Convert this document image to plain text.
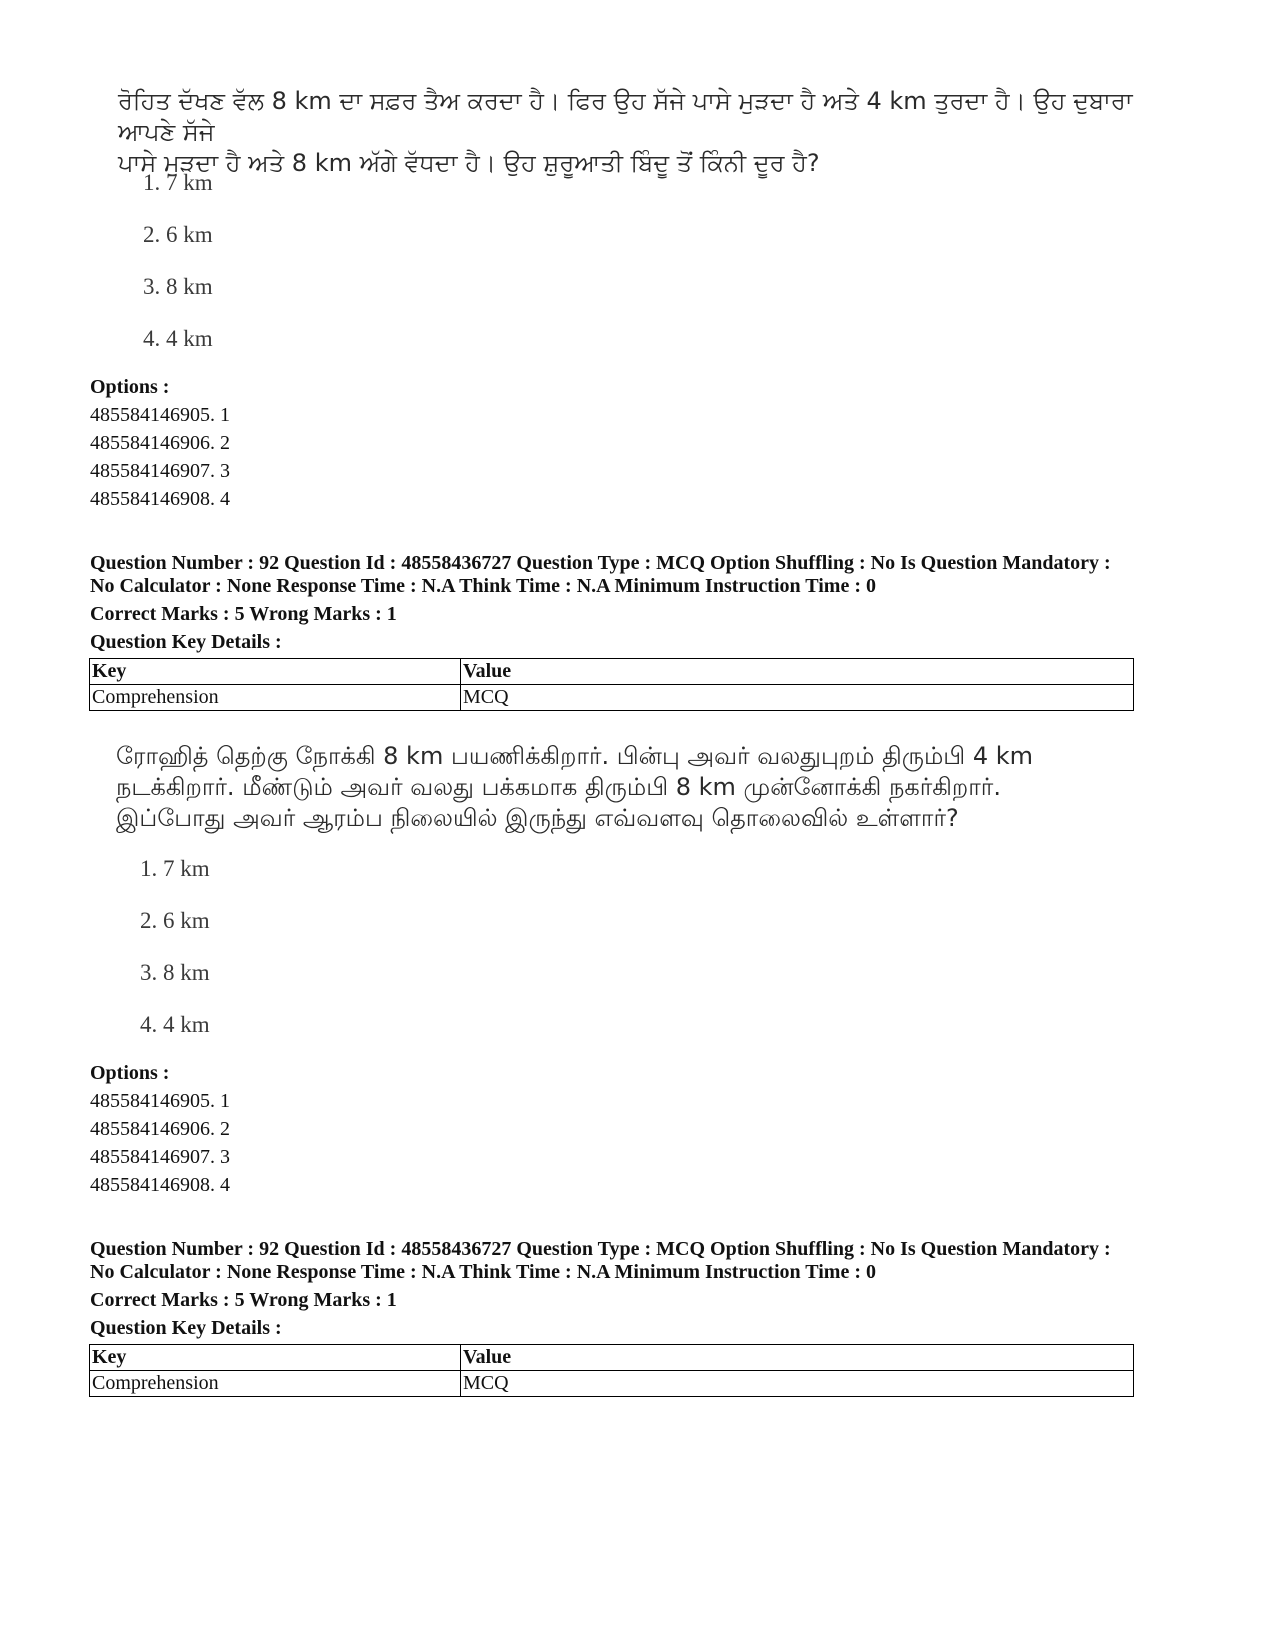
ਰੋਹਿਤ ਦੱਖਣ ਵੱਲ 8 km ਦਾ ਸਫ਼ਰ ਤੈਅ ਕਰਦਾ ਹੈ। ਫਿਰ ਉਹ ਸੱਜੇ ਪਾਸੇ ਮੁੜਦਾ ਹੈ ਅਤੇ 4 km ਤੁਰਦਾ ਹੈ। ਉਹ ਦੁਬਾਰਾ ਆਪਣੇ ਸੱਜੇ
ਪਾਸੇ ਮੁੜਦਾ ਹੈ ਅਤੇ 8 km ਅੱਗੇ ਵੱਧਦਾ ਹੈ। ਉਹ ਸ਼ੁਰੂਆਤੀ ਬਿੰਦੂ ਤੋਂ ਕਿੰਨੀ ਦੂਰ ਹੈ?
1. 7 km
2. 6 km
3. 8 km
4. 4 km
Options :
485584146905. 1
485584146906. 2
485584146907. 3
485584146908. 4
Question Number : 92 Question Id : 48558436727 Question Type : MCQ Option Shuffling : No Is Question Mandatory :
No Calculator : None Response Time : N.A Think Time : N.A Minimum Instruction Time : 0
Correct Marks : 5 Wrong Marks : 1
Question Key Details :
Key	Value
Comprehension	MCQ
ரோஹித் தெற்கு நோக்கி 8 km பயணிக்கிறார். பின்பு அவர் வலதுபுறம் திரும்பி 4 km
நடக்கிறார். மீண்டும் அவர் வலது பக்கமாக திரும்பி 8 km முன்னோக்கி நகர்கிறார்.
இப்போது அவர் ஆரம்ப நிலையில் இருந்து எவ்வளவு தொலைவில் உள்ளார்?
1. 7 km
2. 6 km
3. 8 km
4. 4 km
Options :
485584146905. 1
485584146906. 2
485584146907. 3
485584146908. 4
Question Number : 92 Question Id : 48558436727 Question Type : MCQ Option Shuffling : No Is Question Mandatory :
No Calculator : None Response Time : N.A Think Time : N.A Minimum Instruction Time : 0
Correct Marks : 5 Wrong Marks : 1
Question Key Details :
Key	Value
Comprehension	MCQ
